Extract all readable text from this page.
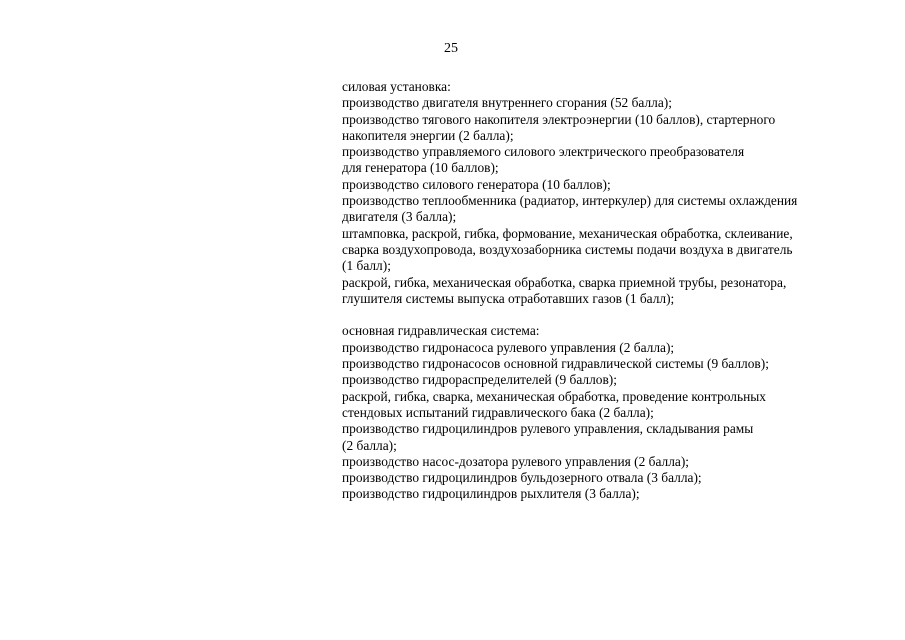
25

силовая установка:
производство двигателя внутреннего сгорания (52 балла);
производство тягового накопителя электроэнергии (10 баллов), стартерного
накопителя энергии (2 балла);
производство управляемого силового электрического преобразователя
для генератора (10 баллов);
производство силового генератора (10 баллов);
производство теплообменника (радиатор, интеркулер) для системы охлаждения
двигателя (3 балла);
штамповка, раскрой, гибка, формование, механическая обработка, склеивание,
сварка воздухопровода, воздухозаборника системы подачи воздуха в двигатель
(1 балл);
раскрой, гибка, механическая обработка, сварка приемной трубы, резонатора,
глушителя системы выпуска отработавших газов (1 балл);
основная гидравлическая система:
производство гидронасоса рулевого управления (2 балла);
производство гидронасосов основной гидравлической системы (9 баллов);
производство гидрораспределителей (9 баллов);
раскрой, гибка, сварка, механическая обработка, проведение контрольных
стендовых испытаний гидравлического бака (2 балла);
производство гидроцилиндров рулевого управления, складывания рамы
(2 балла);
производство насос-дозатора рулевого управления (2 балла);
производство гидроцилиндров бульдозерного отвала (3 балла);
производство гидроцилиндров рыхлителя (3 балла);
